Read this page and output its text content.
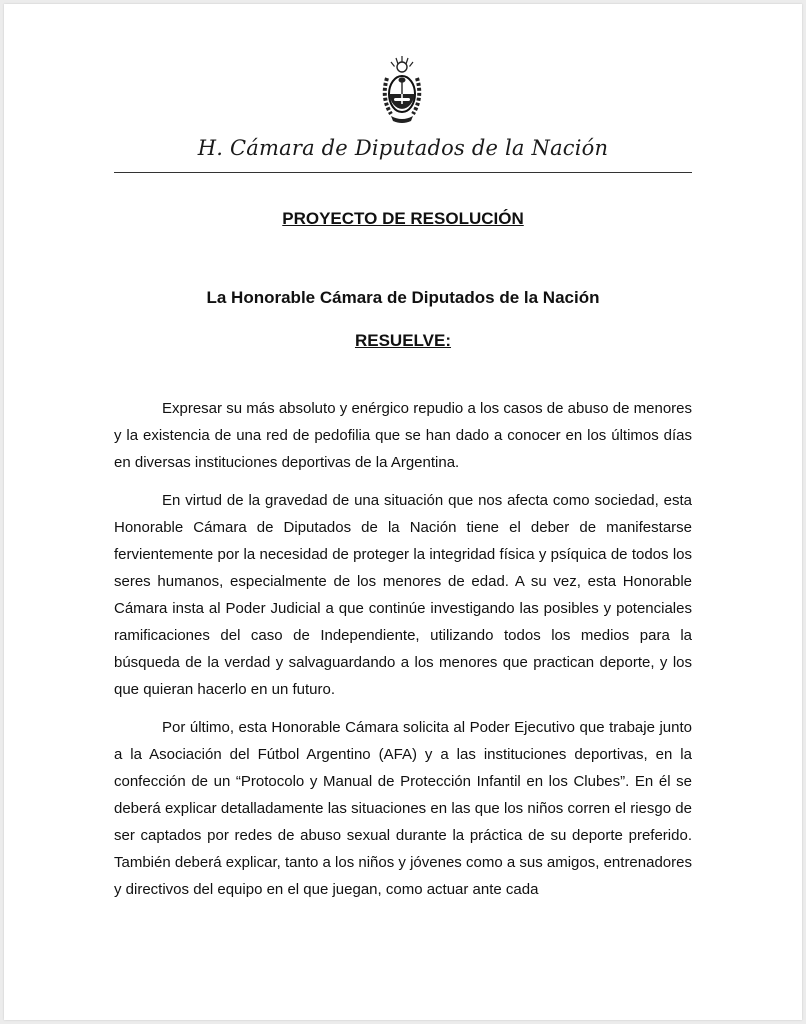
H. Cámara de Diputados de la Nación
PROYECTO DE RESOLUCIÓN
La Honorable Cámara de Diputados de la Nación
RESUELVE:

Expresar su más absoluto y enérgico repudio a los casos de abuso de menores y la existencia de una red de pedofilia que se han dado a conocer en los últimos días en diversas instituciones deportivas de la Argentina.

En virtud de la gravedad de una situación que nos afecta como sociedad, esta Honorable Cámara de Diputados de la Nación tiene el deber de manifestarse fervientemente por la necesidad de proteger la integridad física y psíquica de todos los seres humanos, especialmente de los menores de edad. A su vez, esta Honorable Cámara insta al Poder Judicial a que continúe investigando las posibles y potenciales ramificaciones del caso de Independiente, utilizando todos los medios para la búsqueda de la verdad y salvaguardando a los menores que practican deporte, y los que quieran hacerlo en un futuro.

Por último, esta Honorable Cámara solicita al Poder Ejecutivo que trabaje junto a la Asociación del Fútbol Argentino (AFA) y a las instituciones deportivas, en la confección de un “Protocolo y Manual de Protección Infantil en los Clubes”. En él se deberá explicar detalladamente las situaciones en las que los niños corren el riesgo de ser captados por redes de abuso sexual durante la práctica de su deporte preferido. También deberá explicar, tanto a los niños y jóvenes como a sus amigos, entrenadores y directivos del equipo en el que juegan, como actuar ante cada
